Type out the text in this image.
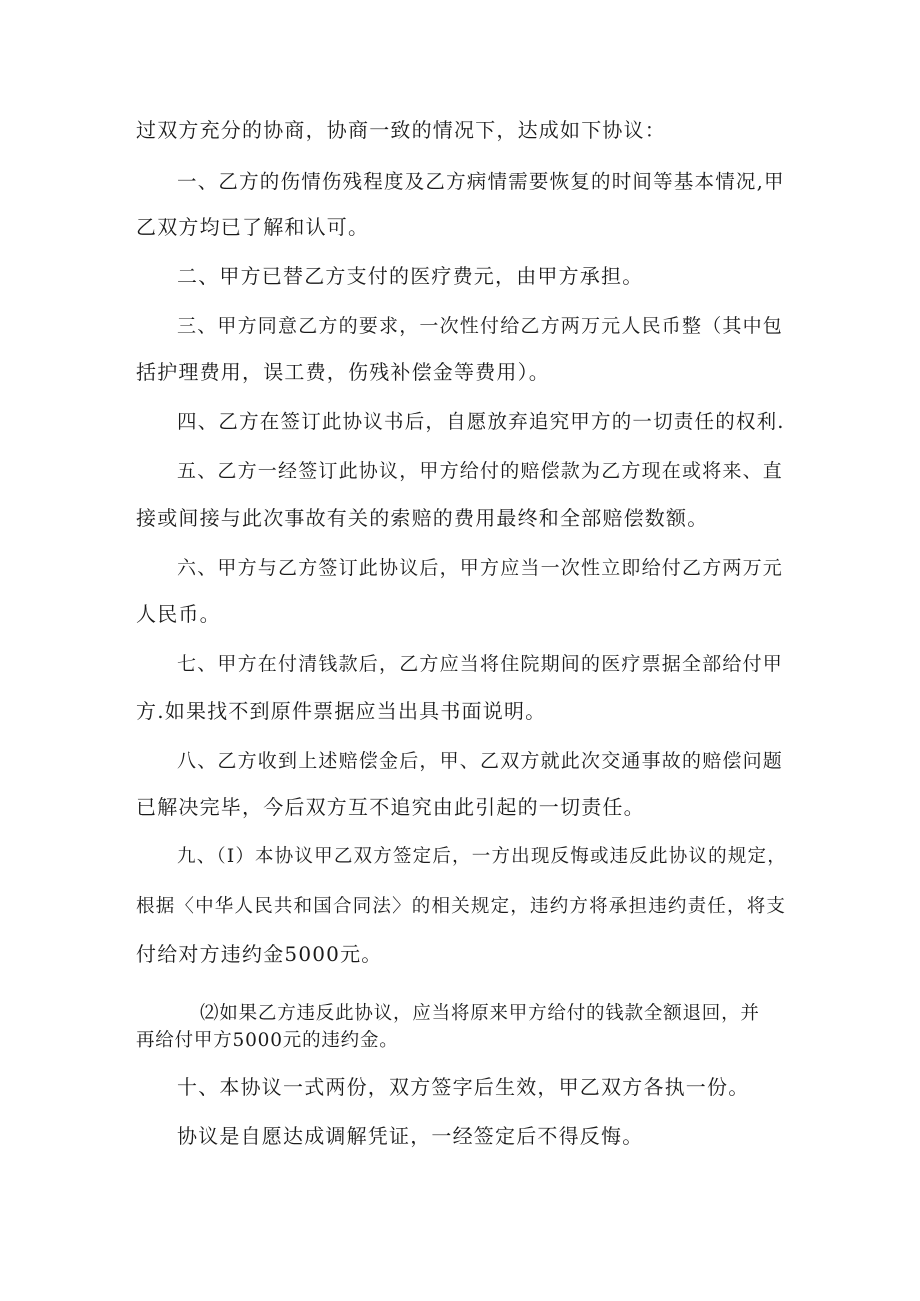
过双方充分的协商，协商一致的情况下，达成如下协议：
一、乙方的伤情伤残程度及乙方病情需要恢复的时间等基本情况,甲
乙双方均已了解和认可。
二、甲方已替乙方支付的医疗费元，由甲方承担。
三、甲方同意乙方的要求，一次性付给乙方两万元人民币整（其中包
括护理费用，误工费，伤残补偿金等费用）。
四、乙方在签订此协议书后，自愿放弃追究甲方的一切责任的权利.
五、乙方一经签订此协议，甲方给付的赔偿款为乙方现在或将来、直
接或间接与此次事故有关的索赔的费用最终和全部赔偿数额。
六、甲方与乙方签订此协议后，甲方应当一次性立即给付乙方两万元
人民币。
七、甲方在付清钱款后，乙方应当将住院期间的医疗票据全部给付甲
方.如果找不到原件票据应当出具书面说明。
八、乙方收到上述赔偿金后，甲、乙双方就此次交通事故的赔偿问题
已解决完毕，今后双方互不追究由此引起的一切责任。
九、（I）本协议甲乙双方签定后，一方出现反悔或违反此协议的规定，
根据〈中华人民共和国合同法〉的相关规定，违约方将承担违约责任，将支
付给对方违约金5000元。
⑵如果乙方违反此协议，应当将原来甲方给付的钱款全额退回，并
再给付甲方5000元的违约金。
十、本协议一式两份，双方签字后生效，甲乙双方各执一份。
协议是自愿达成调解凭证，一经签定后不得反悔。
